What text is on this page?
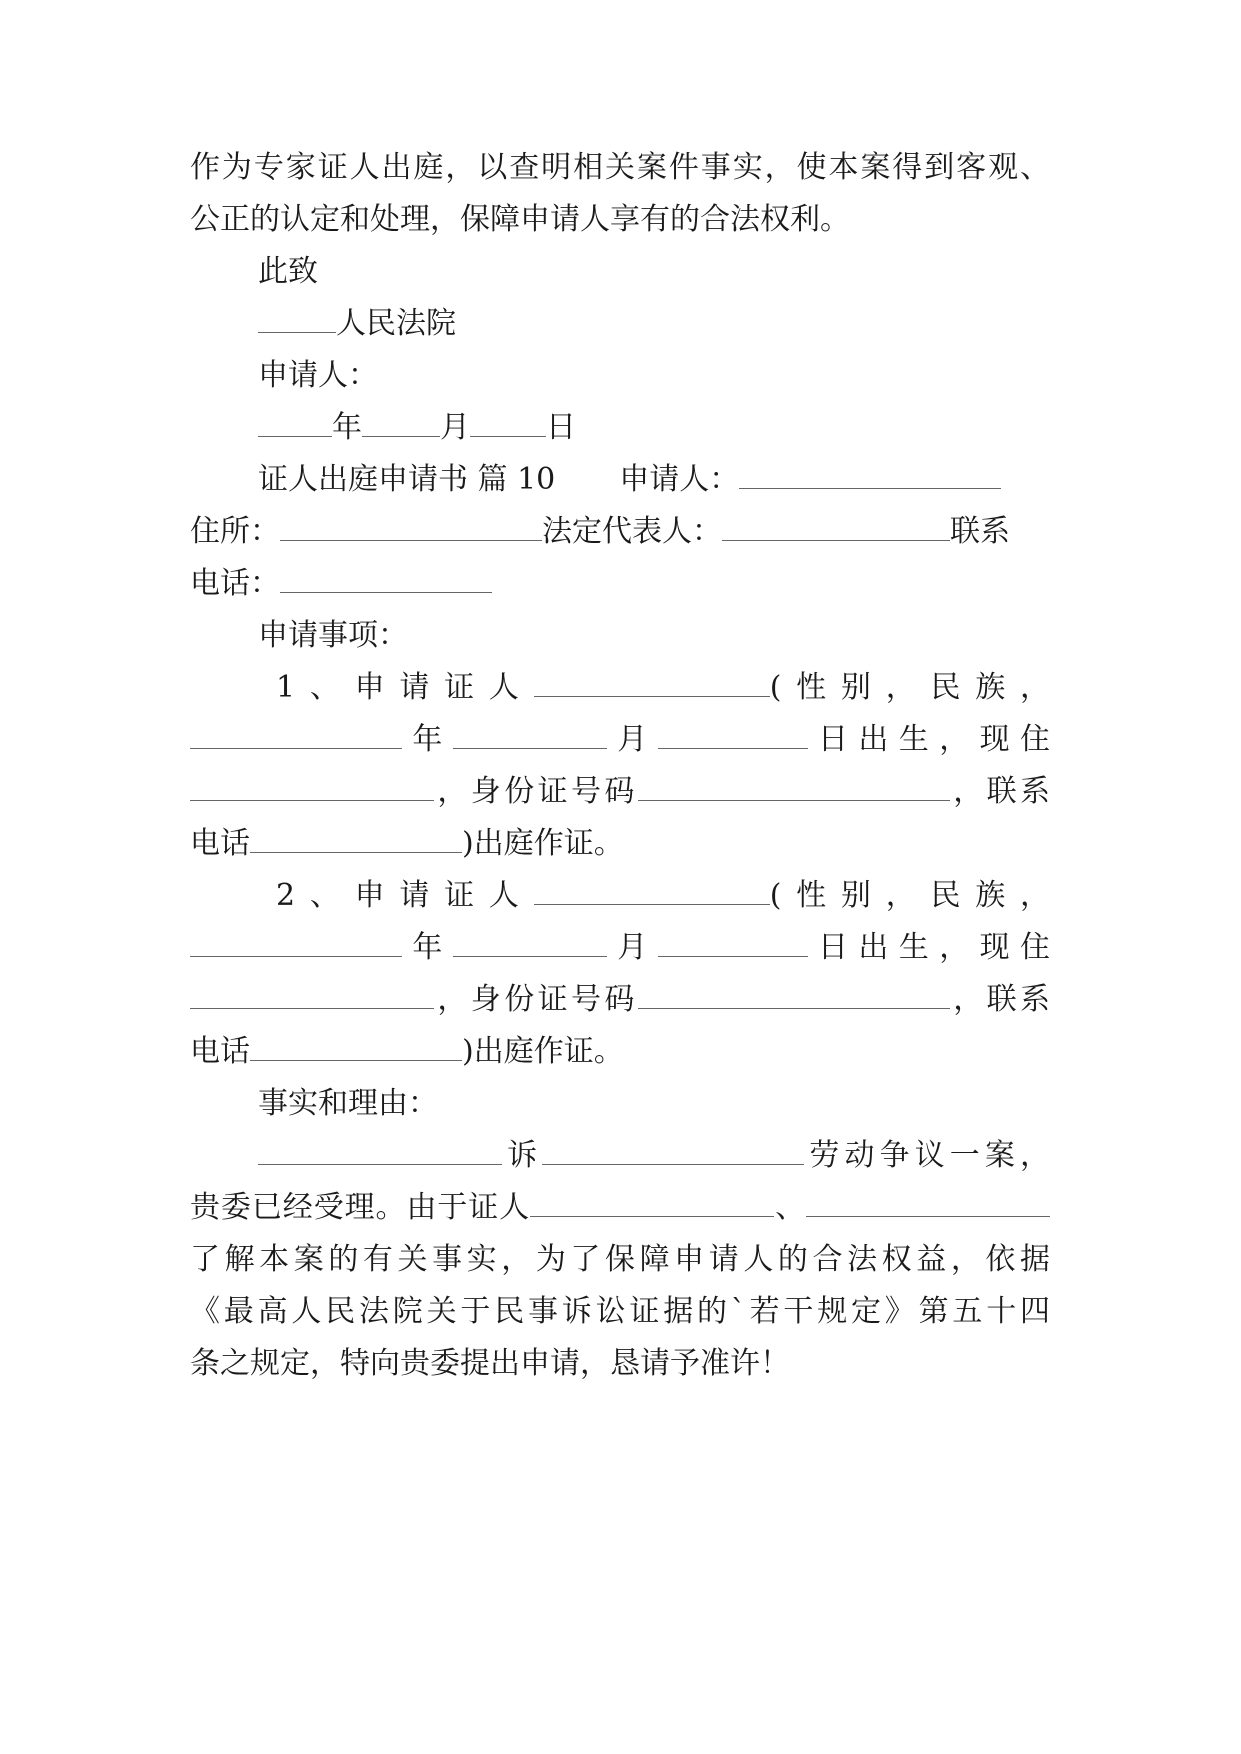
作为专家证人出庭，以查明相关案件事实，使本案得到客观、
公正的认定和处理，保障申请人享有的合法权利。
此致
人民法院
申请人：
年	月	日
证人出庭申请书 篇 10 申请人：
住所：	法定代表人：	联系
电话：
申请事项：
1、申请证人	(性别，民族，
年	月	日出生，现住
，身份证号码	，联系
电话	)出庭作证。
2、申请证人	(性别，民族，
年	月	日出生，现住
，身份证号码	，联系
电话	)出庭作证。
事实和理由：
诉	劳动争议一案，
贵委已经受理。由于证人	、
了解本案的有关事实，为了保障申请人的合法权益，依据
《最高人民法院关于民事诉讼证据的`若干规定》第五十四
条之规定，特向贵委提出申请，恳请予准许！
